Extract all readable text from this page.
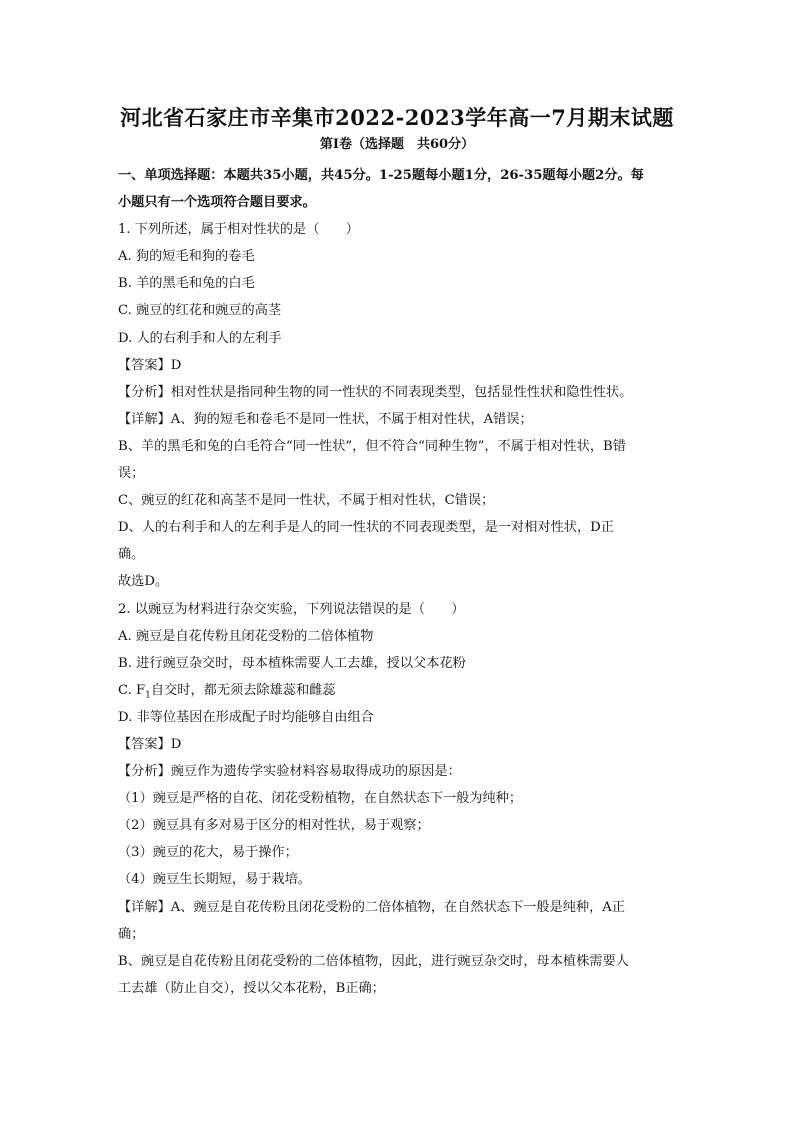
河北省石家庄市辛集市2022-2023学年高一7月期末试题
第I卷（选择题　共60分）
一、单项选择题：本题共35小题，共45分。1-25题每小题1分，26-35题每小题2分。每
小题只有一个选项符合题目要求。
1. 下列所述，属于相对性状的是（　　）
A. 狗的短毛和狗的卷毛
B. 羊的黑毛和兔的白毛
C. 豌豆的红花和豌豆的高茎
D. 人的右利手和人的左利手
【答案】D
【分析】相对性状是指同种生物的同一性状的不同表现类型，包括显性性状和隐性性状。
【详解】A、狗的短毛和卷毛不是同一性状，不属于相对性状，A错误；
B、羊的黑毛和兔的白毛符合“同一性状”，但不符合“同种生物”，不属于相对性状，B错
误；
C、豌豆的红花和高茎不是同一性状，不属于相对性状，C错误；
D、人的右利手和人的左利手是人的同一性状的不同表现类型，是一对相对性状，D正
确。
故选D。
2. 以豌豆为材料进行杂交实验，下列说法错误的是（　　）
A. 豌豆是自花传粉且闭花受粉的二倍体植物
B. 进行豌豆杂交时，母本植株需要人工去雄，授以父本花粉
C. $F_1$自交时，都无须去除雄蕊和雌蕊
D. 非等位基因在形成配子时均能够自由组合
【答案】D
【分析】豌豆作为遗传学实验材料容易取得成功的原因是：
（1）豌豆是严格的自花、闭花受粉植物，在自然状态下一般为纯种；
（2）豌豆具有多对易于区分的相对性状，易于观察；
（3）豌豆的花大，易于操作；
（4）豌豆生长期短，易于栽培。
【详解】A、豌豆是自花传粉且闭花受粉的二倍体植物，在自然状态下一般是纯种，A正
确；
B、豌豆是自花传粉且闭花受粉的二倍体植物，因此，进行豌豆杂交时，母本植株需要人
工去雄（防止自交），授以父本花粉，B正确；
